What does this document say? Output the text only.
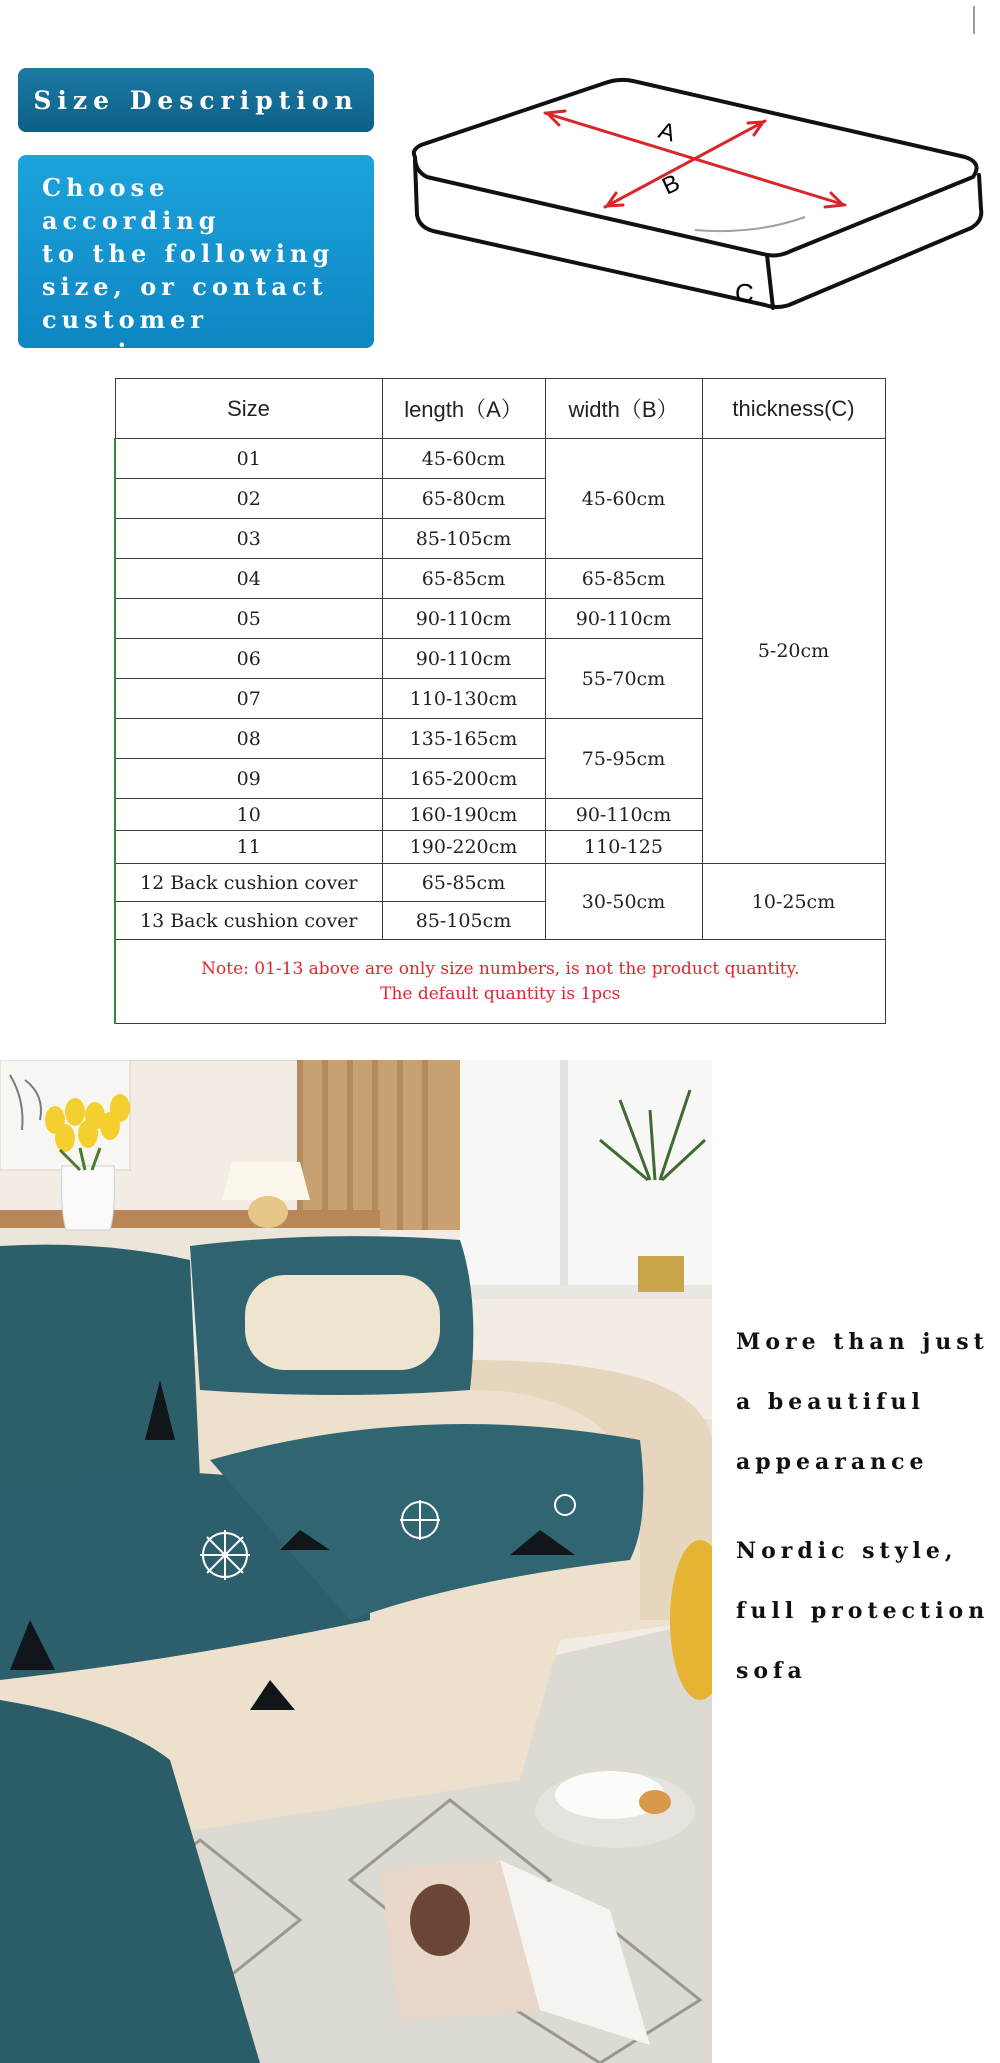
Size Description
Choose according
to the following
size, or contact
customer service
directly.
A
B
C
Size	length（A）	width（B）	thickness(C)
01	45-60cm	45-60cm	5-20cm
02	65-80cm		
03	85-105cm		
04	65-85cm	65-85cm	
05	90-110cm	90-110cm	
06	90-110cm	55-70cm	
07	110-130cm		
08	135-165cm	75-95cm	
09	165-200cm		
10	160-190cm	90-110cm	
11	190-220cm	110-125	
12 Back cushion cover	65-85cm	30-50cm	10-25cm
13 Back cushion cover	85-105cm		

Note: 01-13 above are only size numbers, is not the product quantity.
The default quantity is 1pcs			
More than just
a beautiful
appearance
Nordic style,
full protection
sofa
